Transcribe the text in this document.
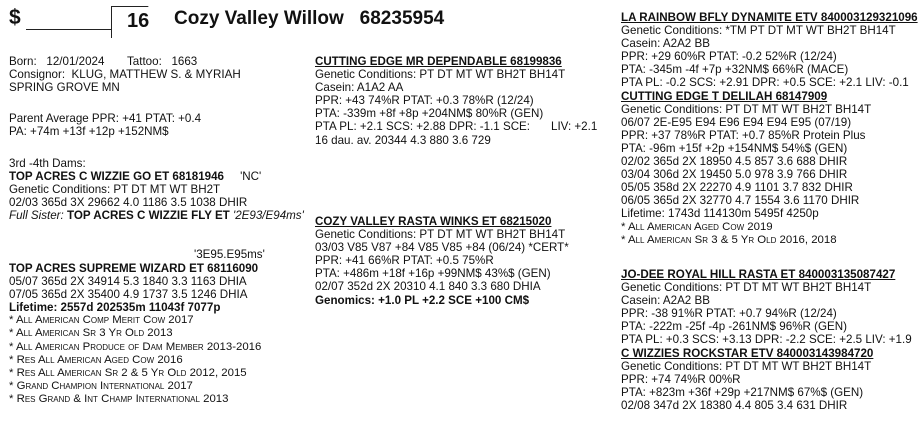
$	16 Cozy Valley Willow 68235954
Born: 12/01/2024 Tattoo: 1663
Consignor: KLUG, MATTHEW S. & MYRIAH
SPRING GROVE MN
Parent Average PPR: +41 PTAT: +0.4
PA: +74m +13f +12p +152NM$
3rd -4th Dams:
TOP ACRES C WIZZIE GO ET 68181946 'NC'
Genetic Conditions: PT DT MT WT BH2T
02/03 365d 3X 29662 4.0 1186 3.5 1038 DHIR
Full Sister: TOP ACRES C WIZZIE FLY ET '2E93/E94ms'
'3E95.E95ms'
TOP ACRES SUPREME WIZARD ET 68116090
05/07 365d 2X 34914 5.3 1840 3.3 1163 DHIA
07/05 365d 2X 35400 4.9 1737 3.5 1246 DHIA
Lifetime: 2557d 202535m 11043f 7077p
* All American Comp Merit Cow 2017
* All American Sr 3 Yr Old 2013
* All American Produce of Dam Member 2013-2016
* Res All American Aged Cow 2016
* Res All American Sr 2 & 5 Yr Old 2012, 2015
* Grand Champion International 2017
* Res Grand & Int Champ International 2013
CUTTING EDGE MR DEPENDABLE 68199836
Genetic Conditions: PT DT MT WT BH2T BH14T
Casein: A1A2 AA
PPR: +43 74%R PTAT: +0.3 78%R (12/24)
PTA: -339m +8f +8p +204NM$ 80%R (GEN)
PTA PL: +2.1 SCS: +2.88 DPR: -1.1 SCE: LIV: +2.1
16 dau. av. 20344 4.3 880 3.6 729
COZY VALLEY RASTA WINKS ET 68215020
Genetic Conditions: PT DT MT WT BH2T BH14T
03/03 V85 V87 +84 V85 V85 +84 (06/24) *CERT*
PPR: +41 66%R PTAT: +0.5 75%R
PTA: +486m +18f +16p +99NM$ 43%$ (GEN)
02/07 352d 2X 20310 4.1 840 3.3 680 DHIA
Genomics: +1.0 PL +2.2 SCE +100 CM$
LA RAINBOW BFLY DYNAMITE ETV 840003129321096
Genetic Conditions: *TM PT DT MT WT BH2T BH14T
Casein: A2A2 BB
PPR: +29 60%R PTAT: -0.2 52%R (12/24)
PTA: -345m -4f +7p +32NM$ 66%R (MACE)
PTA PL: -0.2 SCS: +2.91 DPR: +0.5 SCE: +2.1 LIV: -0.1
CUTTING EDGE T DELILAH 68147909
Genetic Conditions: PT DT MT WT BH2T BH14T
06/07 2E-E95 E94 E96 E94 E94 E95 (07/19)
PPR: +37 78%R PTAT: +0.7 85%R Protein Plus
PTA: -96m +15f +2p +154NM$ 54%$ (GEN)
02/02 365d 2X 18950 4.5 857 3.6 688 DHIR
03/04 306d 2X 19450 5.0 978 3.9 766 DHIR
05/05 358d 2X 22270 4.9 1101 3.7 832 DHIR
06/05 365d 2X 32770 4.7 1554 3.6 1170 DHIR
Lifetime: 1743d 114130m 5495f 4250p
* All American Aged Cow 2019
* All American Sr 3 & 5 Yr Old 2016, 2018
JO-DEE ROYAL HILL RASTA ET 840003135087427
Genetic Conditions: PT DT MT WT BH2T BH14T
Casein: A2A2 BB
PPR: -38 91%R PTAT: +0.7 94%R (12/24)
PTA: -222m -25f -4p -261NM$ 96%R (GEN)
PTA PL: +0.3 SCS: +3.13 DPR: -2.2 SCE: +2.5 LIV: +1.9
C WIZZIES ROCKSTAR ETV 840003143984720
Genetic Conditions: PT DT MT WT BH2T BH14T
PPR: +74 74%R 00%R
PTA: +823m +36f +29p +217NM$ 67%$ (GEN)
02/08 347d 2X 18380 4.4 805 3.4 631 DHIR
